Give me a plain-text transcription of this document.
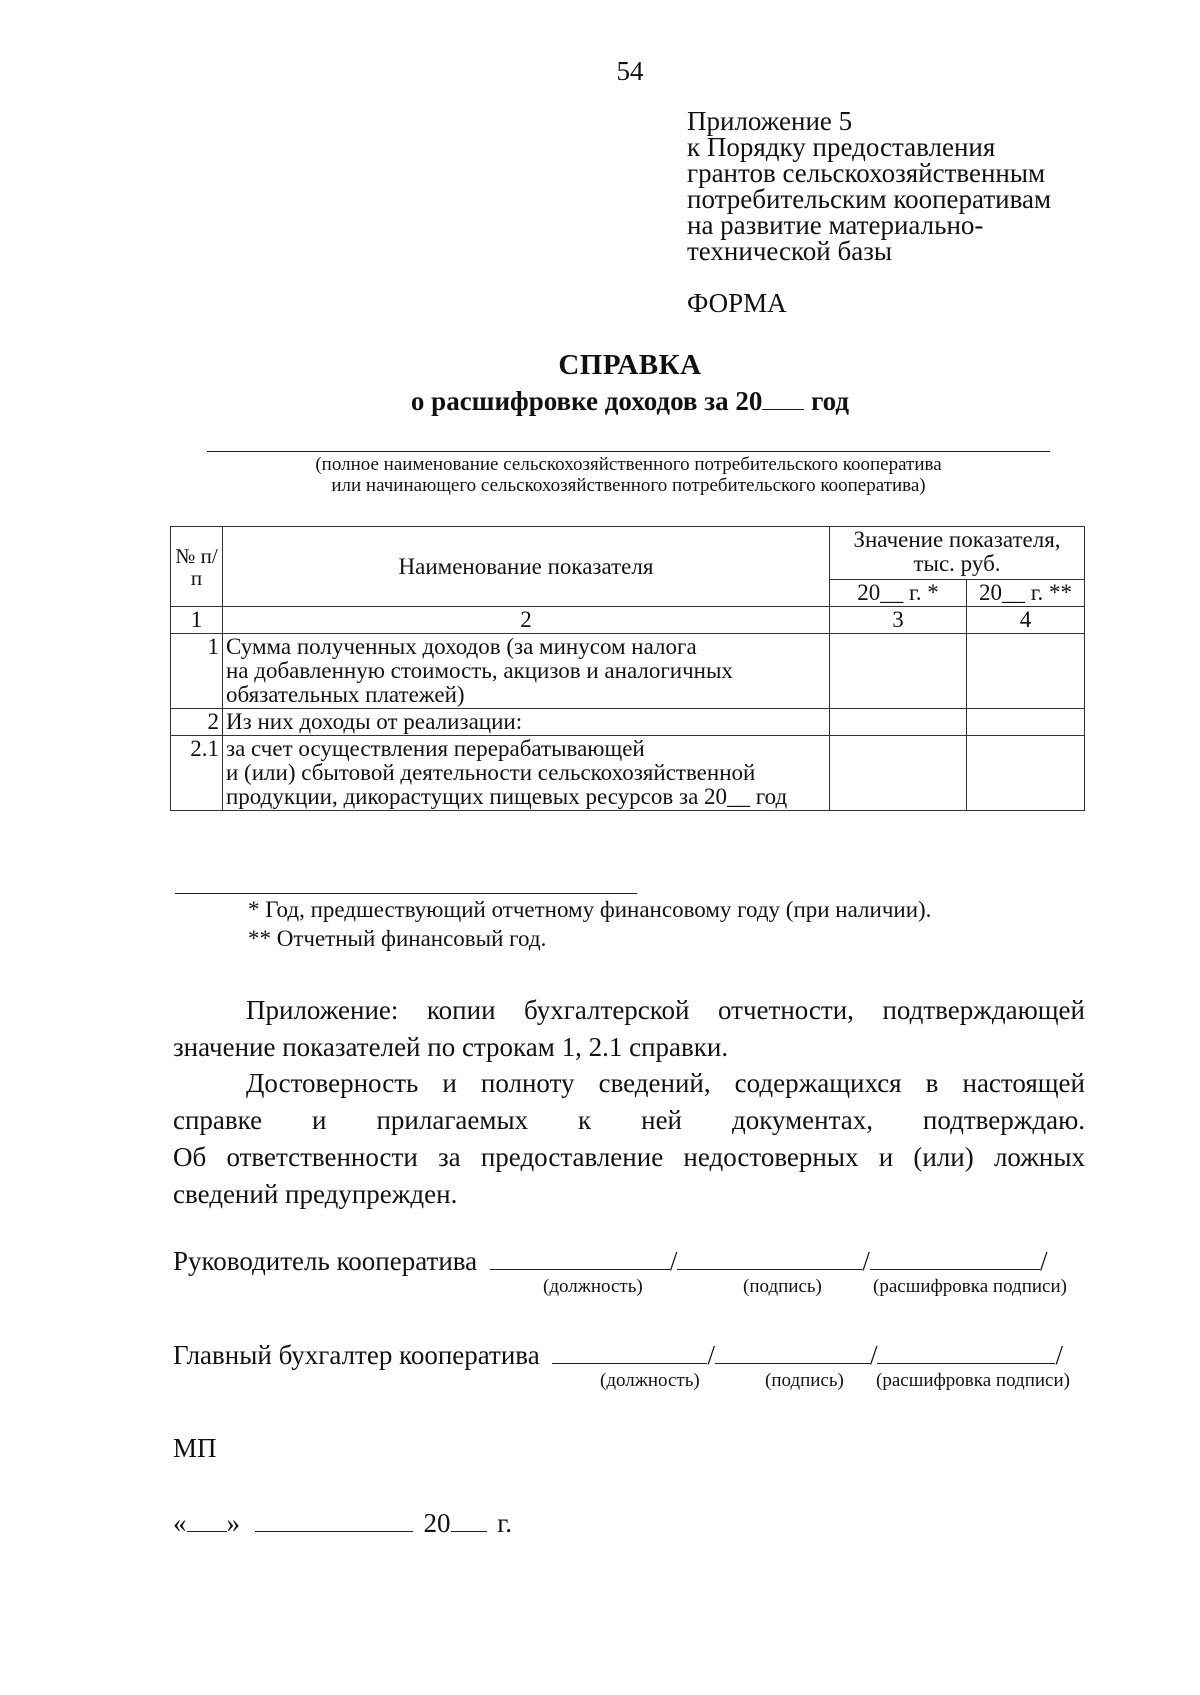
54
Приложение 5
к Порядку предоставления
грантов сельскохозяйственным
потребительским кооперативам
на развитие материально-
технической базы
ФОРМА
СПРАВКА
о расшифровке доходов за 20 год
(полное наименование сельскохозяйственного потребительского кооператива
или начинающего сельскохозяйственного потребительского кооператива)
№ п/п	Наименование показателя	Значение показателя, тыс. руб.	
		20__ г. *	20__ г. **
1	2	3	4
1	Сумма полученных доходов (за минусом налога
на добавленную стоимость, акцизов и аналогичных
обязательных платежей)		

2	Из них доходы от реализации:		

2.1	за счет осуществления перерабатывающей
и (или) сбытовой деятельности сельскохозяйственной
продукции, дикорастущих пищевых ресурсов за 20__ год		

* Год, предшествующий отчетному финансовому году (при наличии).
** Отчетный финансовый год.
Приложение: копии бухгалтерской отчетности, подтверждающей
значение показателей по строкам 1, 2.1 справки.
Достоверность и полноту сведений, содержащихся в настоящей
справке и прилагаемых к ней документах, подтверждаю.
Об ответственности за предоставление недостоверных и (или) ложных
сведений предупрежден.
Руководитель кооператива	/	/	/
(должность)	(подпись)	(расшифровка подписи)
Главный бухгалтер кооператива	/	/	/
(должность)	(подпись) (расшифровка подписи)
МП
« »	20 г.
